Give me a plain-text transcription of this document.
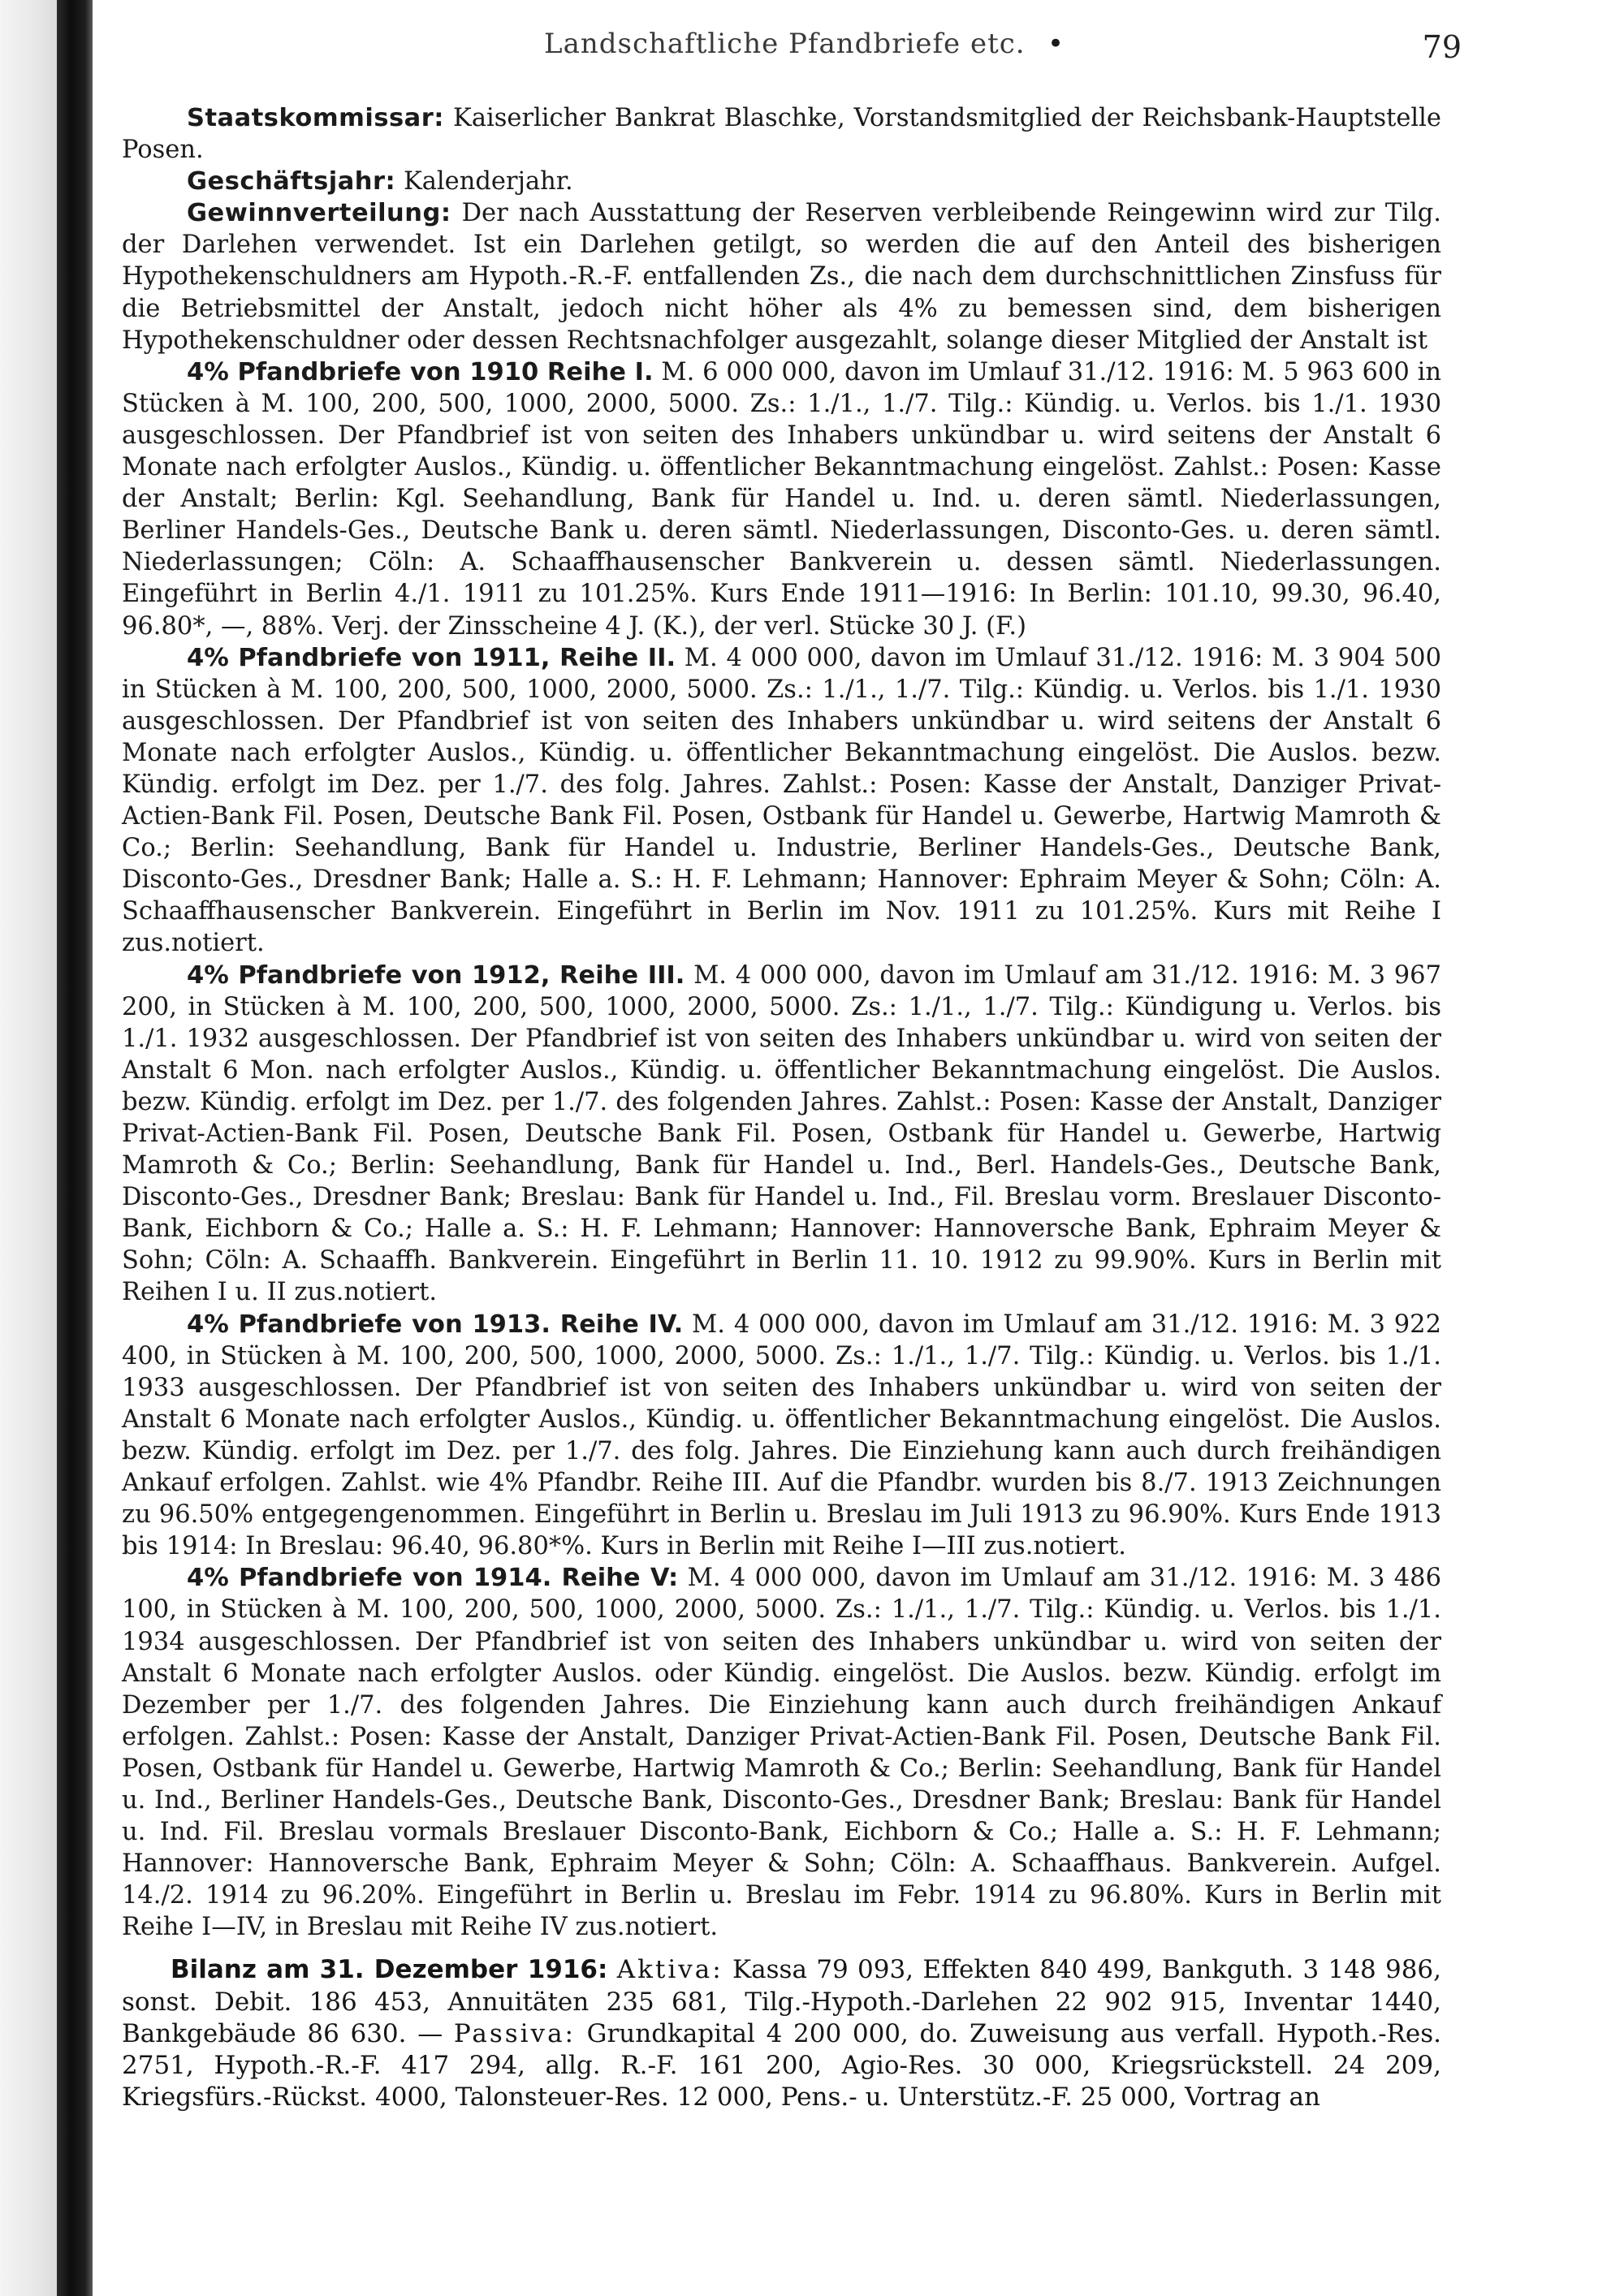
Landschaftliche Pfandbriefe etc. •	79

Staatskommissar: Kaiserlicher Bankrat Blaschke, Vorstandsmitglied der Reichsbank-Hauptstelle Posen.

Geschäftsjahr: Kalenderjahr.

Gewinnverteilung: Der nach Ausstattung der Reserven verbleibende Reingewinn wird zur Tilg. der Darlehen verwendet. Ist ein Darlehen getilgt, so werden die auf den Anteil des bisherigen Hypothekenschuldners am Hypoth.-R.-F. entfallenden Zs., die nach dem durchschnittlichen Zinsfuss für die Betriebsmittel der Anstalt, jedoch nicht höher als 4% zu bemessen sind, dem bisherigen Hypothekenschuldner oder dessen Rechtsnachfolger ausgezahlt, solange dieser Mitglied der Anstalt ist

4% Pfandbriefe von 1910 Reihe I. M. 6 000 000, davon im Umlauf 31./12. 1916: M. 5 963 600 in Stücken à M. 100, 200, 500, 1000, 2000, 5000. Zs.: 1./1., 1./7. Tilg.: Kündig. u. Verlos. bis 1./1. 1930 ausgeschlossen. Der Pfandbrief ist von seiten des Inhabers unkündbar u. wird seitens der Anstalt 6 Monate nach erfolgter Auslos., Kündig. u. öffentlicher Bekanntmachung eingelöst. Zahlst.: Posen: Kasse der Anstalt; Berlin: Kgl. Seehandlung, Bank für Handel u. Ind. u. deren sämtl. Niederlassungen, Berliner Handels-Ges., Deutsche Bank u. deren sämtl. Niederlassungen, Disconto-Ges. u. deren sämtl. Niederlassungen; Cöln: A. Schaaffhausenscher Bankverein u. dessen sämtl. Niederlassungen. Eingeführt in Berlin 4./1. 1911 zu 101.25%. Kurs Ende 1911—1916: In Berlin: 101.10, 99.30, 96.40, 96.80*, —, 88%. Verj. der Zinsscheine 4 J. (K.), der verl. Stücke 30 J. (F.)

4% Pfandbriefe von 1911, Reihe II. M. 4 000 000, davon im Umlauf 31./12. 1916: M. 3 904 500 in Stücken à M. 100, 200, 500, 1000, 2000, 5000. Zs.: 1./1., 1./7. Tilg.: Kündig. u. Verlos. bis 1./1. 1930 ausgeschlossen. Der Pfandbrief ist von seiten des Inhabers unkündbar u. wird seitens der Anstalt 6 Monate nach erfolgter Auslos., Kündig. u. öffentlicher Bekanntmachung eingelöst. Die Auslos. bezw. Kündig. erfolgt im Dez. per 1./7. des folg. Jahres. Zahlst.: Posen: Kasse der Anstalt, Danziger Privat-Actien-Bank Fil. Posen, Deutsche Bank Fil. Posen, Ostbank für Handel u. Gewerbe, Hartwig Mamroth & Co.; Berlin: Seehandlung, Bank für Handel u. Industrie, Berliner Handels-Ges., Deutsche Bank, Disconto-Ges., Dresdner Bank; Halle a. S.: H. F. Lehmann; Hannover: Ephraim Meyer & Sohn; Cöln: A. Schaaffhausenscher Bankverein. Eingeführt in Berlin im Nov. 1911 zu 101.25%. Kurs mit Reihe I zus.notiert.

4% Pfandbriefe von 1912, Reihe III. M. 4 000 000, davon im Umlauf am 31./12. 1916: M. 3 967 200, in Stücken à M. 100, 200, 500, 1000, 2000, 5000. Zs.: 1./1., 1./7. Tilg.: Kündigung u. Verlos. bis 1./1. 1932 ausgeschlossen. Der Pfandbrief ist von seiten des Inhabers unkündbar u. wird von seiten der Anstalt 6 Mon. nach erfolgter Auslos., Kündig. u. öffentlicher Bekanntmachung eingelöst. Die Auslos. bezw. Kündig. erfolgt im Dez. per 1./7. des folgenden Jahres. Zahlst.: Posen: Kasse der Anstalt, Danziger Privat-Actien-Bank Fil. Posen, Deutsche Bank Fil. Posen, Ostbank für Handel u. Gewerbe, Hartwig Mamroth & Co.; Berlin: Seehandlung, Bank für Handel u. Ind., Berl. Handels-Ges., Deutsche Bank, Disconto-Ges., Dresdner Bank; Breslau: Bank für Handel u. Ind., Fil. Breslau vorm. Breslauer Disconto-Bank, Eichborn & Co.; Halle a. S.: H. F. Lehmann; Hannover: Hannoversche Bank, Ephraim Meyer & Sohn; Cöln: A. Schaaffh. Bankverein. Eingeführt in Berlin 11. 10. 1912 zu 99.90%. Kurs in Berlin mit Reihen I u. II zus.notiert.

4% Pfandbriefe von 1913. Reihe IV. M. 4 000 000, davon im Umlauf am 31./12. 1916: M. 3 922 400, in Stücken à M. 100, 200, 500, 1000, 2000, 5000. Zs.: 1./1., 1./7. Tilg.: Kündig. u. Verlos. bis 1./1. 1933 ausgeschlossen. Der Pfandbrief ist von seiten des Inhabers unkündbar u. wird von seiten der Anstalt 6 Monate nach erfolgter Auslos., Kündig. u. öffentlicher Bekanntmachung eingelöst. Die Auslos. bezw. Kündig. erfolgt im Dez. per 1./7. des folg. Jahres. Die Einziehung kann auch durch freihändigen Ankauf erfolgen. Zahlst. wie 4% Pfandbr. Reihe III. Auf die Pfandbr. wurden bis 8./7. 1913 Zeichnungen zu 96.50% entgegengenommen. Eingeführt in Berlin u. Breslau im Juli 1913 zu 96.90%. Kurs Ende 1913 bis 1914: In Breslau: 96.40, 96.80*%. Kurs in Berlin mit Reihe I—III zus.notiert.

4% Pfandbriefe von 1914. Reihe V: M. 4 000 000, davon im Umlauf am 31./12. 1916: M. 3 486 100, in Stücken à M. 100, 200, 500, 1000, 2000, 5000. Zs.: 1./1., 1./7. Tilg.: Kündig. u. Verlos. bis 1./1. 1934 ausgeschlossen. Der Pfandbrief ist von seiten des Inhabers unkündbar u. wird von seiten der Anstalt 6 Monate nach erfolgter Auslos. oder Kündig. eingelöst. Die Auslos. bezw. Kündig. erfolgt im Dezember per 1./7. des folgenden Jahres. Die Einziehung kann auch durch freihändigen Ankauf erfolgen. Zahlst.: Posen: Kasse der Anstalt, Danziger Privat-Actien-Bank Fil. Posen, Deutsche Bank Fil. Posen, Ostbank für Handel u. Gewerbe, Hartwig Mamroth & Co.; Berlin: Seehandlung, Bank für Handel u. Ind., Berliner Handels-Ges., Deutsche Bank, Disconto-Ges., Dresdner Bank; Breslau: Bank für Handel u. Ind. Fil. Breslau vormals Breslauer Disconto-Bank, Eichborn & Co.; Halle a. S.: H. F. Lehmann; Hannover: Hannoversche Bank, Ephraim Meyer & Sohn; Cöln: A. Schaaffhaus. Bankverein. Aufgel. 14./2. 1914 zu 96.20%. Eingeführt in Berlin u. Breslau im Febr. 1914 zu 96.80%. Kurs in Berlin mit Reihe I—IV, in Breslau mit Reihe IV zus.notiert.

Bilanz am 31. Dezember 1916: Aktiva: Kassa 79 093, Effekten 840 499, Bankguth. 3 148 986, sonst. Debit. 186 453, Annuitäten 235 681, Tilg.-Hypoth.-Darlehen 22 902 915, Inventar 1440, Bankgebäude 86 630. — Passiva: Grundkapital 4 200 000, do. Zuweisung aus verfall. Hypoth.-Res. 2751, Hypoth.-R.-F. 417 294, allg. R.-F. 161 200, Agio-Res. 30 000, Kriegsrückstell. 24 209, Kriegsfürs.-Rückst. 4000, Talonsteuer-Res. 12 000, Pens.- u. Unterstütz.-F. 25 000, Vortrag an
